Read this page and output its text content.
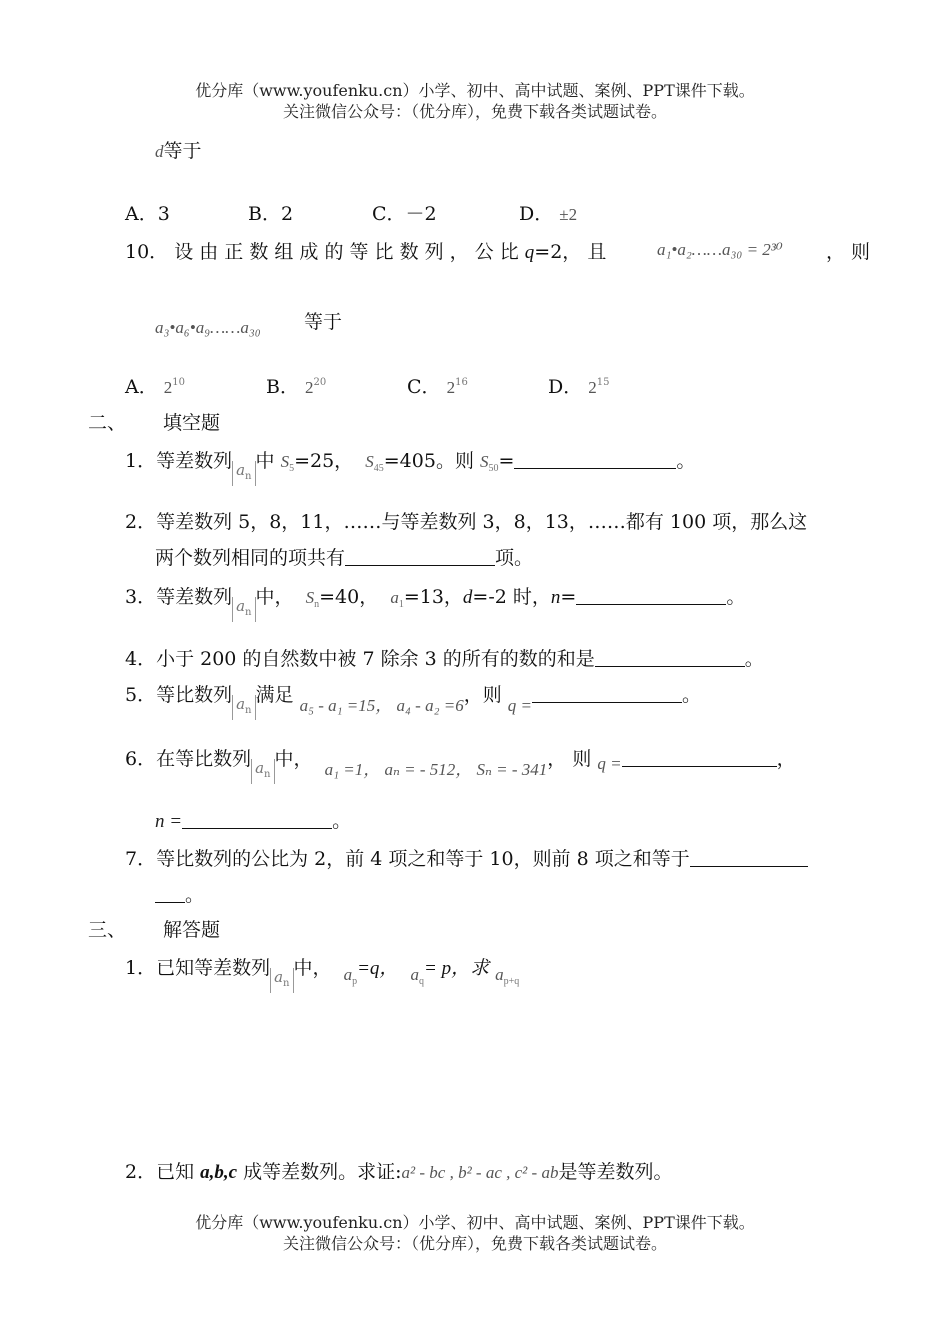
优分库（www.youfenku.cn）小学、初中、高中试题、案例、PPT课件下载。
关注微信公众号：（优分库），免费下载各类试题试卷。
d等于
A．3	B．2	C．－2	D． ±2
10． 设 由 正 数 组 成 的 等 比 数 列 ， 公 比 q=2， 且	a₁•a₂……a₃₀ = 2³⁰ ， 则
a₃•a₆•a₉……a₃₀ 等于
A． $2^{10}$	B． $2^{20}$	C． $2^{16}$	D． $2^{15}$
二、 填空题
1．等差数列 $a_n$中 $S_5=25$， $S_{45}=405$。则 $S_{50}=$	。
2．等差数列 5，8，11，……与等差数列 3，8，13，……都有 100 项，那么这
两个数列相同的项共有	项。
3．等差数列 $a_n$中， $S_n=40$， $a_1=13$，d=-2 时，n=	。
4．小于 200 的自然数中被 7 除余 3 的所有的数的和是	。
5．等比数列 $a_n$满足 a₅ - a₁ =15， a₄ - a₂ =6，则 q =	。
6．在等比数列 $a_n$中， a₁ =1， aₙ = - 512， Sₙ = - 341， 则 q =	，
n =	。
7．等比数列的公比为 2，前 4 项之和等于 10，则前 8 项之和等于
。
三、 解答题
1．已知等差数列 $a_n$中， $a_p=q$， $a_q= p$，求 $a_{p+q}$
2．已知 a,b,c 成等差数列。求证:a² - bc , b² - ac , c² - ab是等差数列。
优分库（www.youfenku.cn）小学、初中、高中试题、案例、PPT课件下载。
关注微信公众号：（优分库），免费下载各类试题试卷。
